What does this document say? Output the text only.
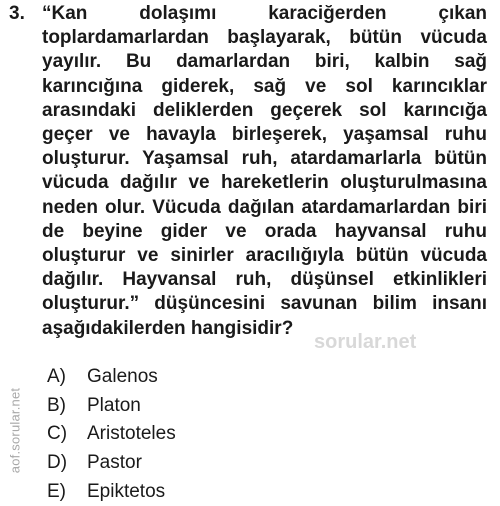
3. “Kan dolaşımı karaciğerden çıkan toplardamarlardan başlayarak, bütün vücuda yayılır. Bu damarlardan biri, kalbin sağ karıncığına giderek, sağ ve sol karıncıklar arasındaki deliklerden geçerek sol karıncığa geçer ve havayla birleşerek, yaşamsal ruhu oluşturur. Yaşamsal ruh, atardamarlarla bütün vücuda dağılır ve hareketlerin oluşturulmasına neden olur. Vücuda dağılan atardamarlardan biri de beyine gider ve orada hayvansal ruhu oluşturur ve sinirler aracılığıyla bütün vücuda dağılır. Hayvansal ruh, düşünsel etkinlikleri oluşturur.” düşüncesini savunan bilim insanı aşağıdakilerden hangisidir?

A)	Galenos
B)	Platon
C)	Aristoteles
D)	Pastor
E)	Epiktetos
aof.sorular.net
sorular.net
